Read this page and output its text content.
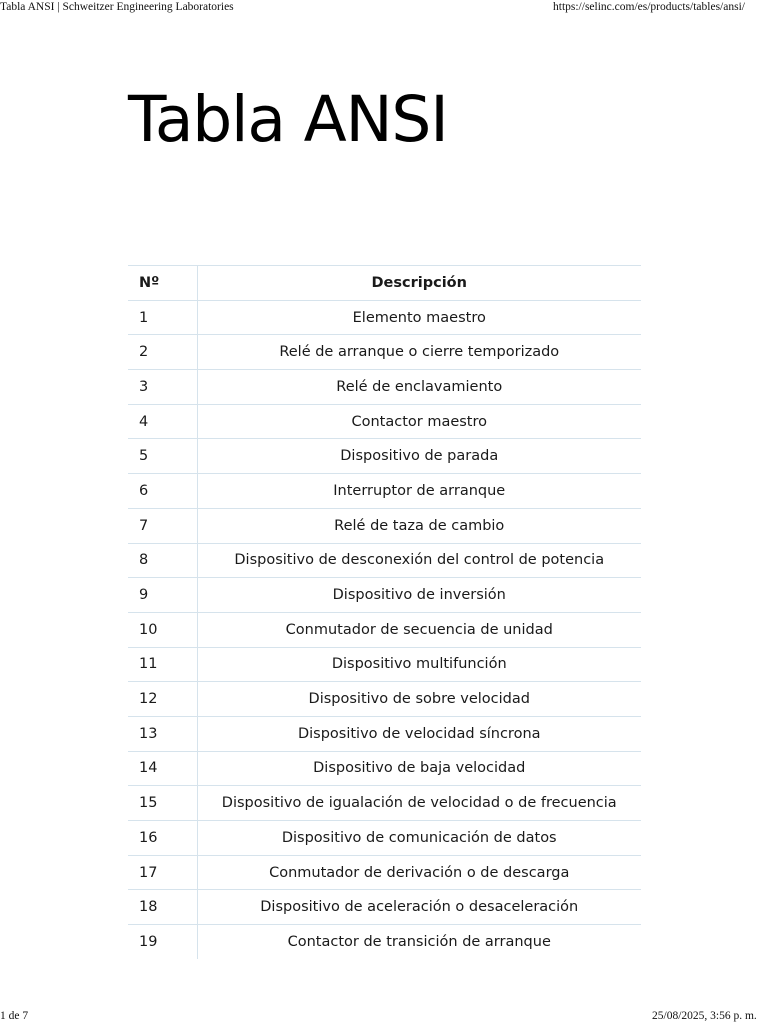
Tabla ANSI | Schweitzer Engineering Laboratories	https://selinc.com/es/products/tables/ansi/
Tabla ANSI
Nº	Descripción
1	Elemento maestro
2	Relé de arranque o cierre temporizado
3	Relé de enclavamiento
4	Contactor maestro
5	Dispositivo de parada
6	Interruptor de arranque
7	Relé de taza de cambio
8	Dispositivo de desconexión del control de potencia
9	Dispositivo de inversión
10	Conmutador de secuencia de unidad
11	Dispositivo multifunción
12	Dispositivo de sobre velocidad
13	Dispositivo de velocidad síncrona
14	Dispositivo de baja velocidad
15	Dispositivo de igualación de velocidad o de frecuencia
16	Dispositivo de comunicación de datos
17	Conmutador de derivación o de descarga
18	Dispositivo de aceleración o desaceleración
19	Contactor de transición de arranque
1 de 7	25/08/2025, 3:56 p. m.
